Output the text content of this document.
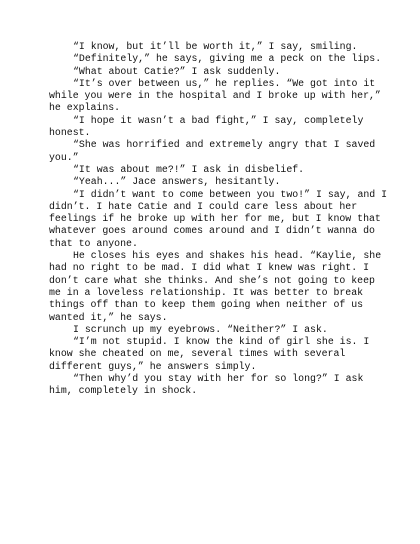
“I know, but it’ll be worth it,” I say, smiling.

“Definitely,” he says, giving me a peck on the lips.

“What about Catie?” I ask suddenly.

“It’s over between us,” he replies. “We got into it while you were in the hospital and I broke up with her,” he explains.

“I hope it wasn’t a bad fight,” I say, completely honest.

“She was horrified and extremely angry that I saved you.”

“It was about me?!” I ask in disbelief.

“Yeah...” Jace answers, hesitantly.

“I didn’t want to come between you two!” I say, and I didn’t. I hate Catie and I could care less about her feelings if he broke up with her for me, but I know that whatever goes around comes around and I didn’t wanna do that to anyone.

He closes his eyes and shakes his head. “Kaylie, she had no right to be mad. I did what I knew was right. I don’t care what she thinks. And she’s not going to keep me in a loveless relationship. It was better to break things off than to keep them going when neither of us wanted it,” he says.

I scrunch up my eyebrows. “Neither?” I ask.

“I’m not stupid. I know the kind of girl she is. I know she cheated on me, several times with several different guys,” he answers simply.

“Then why’d you stay with her for so long?” I ask him, completely in shock.
